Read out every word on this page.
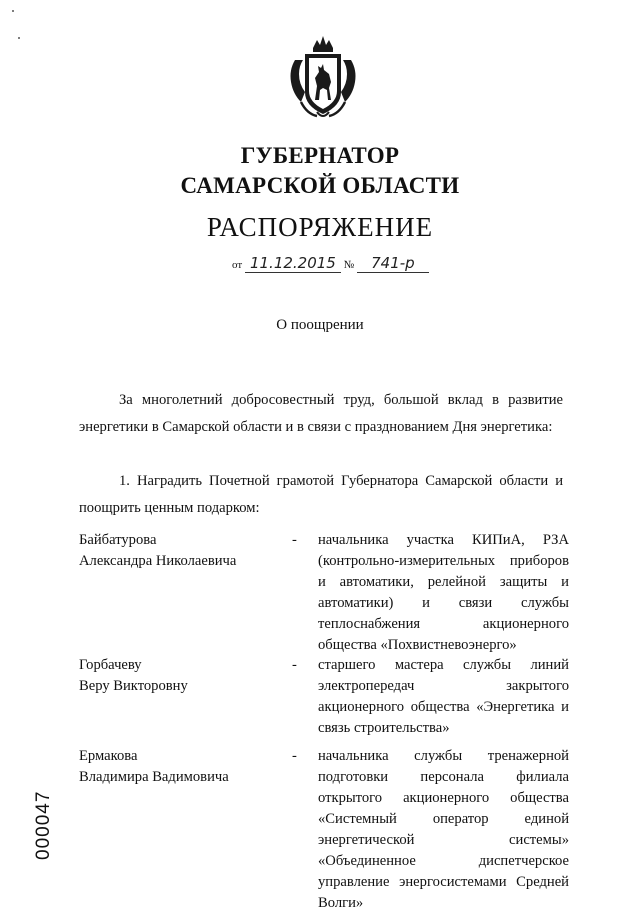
ГУБЕРНАТОР
САМАРСКОЙ ОБЛАСТИ
РАСПОРЯЖЕНИЕ
от 11.12.2015 № 741-р
О поощрении
За многолетний добросовестный труд, большой вклад в развитие энергетики в Самарской области и в связи с празднованием Дня энергетика:
1. Наградить Почетной грамотой Губернатора Самарской области и поощрить ценным подарком:
Байбатурова
Александра Николаевича
- начальника участка КИПиА, РЗА (контрольно-измерительных приборов и автоматики, релейной защиты и автоматики) и связи службы теплоснабжения акционерного общества «Похвистневоэнерго»
Горбачеву
Веру Викторовну
- старшего мастера службы линий электропередач закрытого акционерного общества «Энергетика и связь строительства»
Ермакова
Владимира Вадимовича
- начальника службы тренажерной подготовки персонала филиала открытого акционерного общества «Системный оператор единой энергетической системы» «Объединенное диспетчерское управление энергосистемами Средней Волги»
000047
